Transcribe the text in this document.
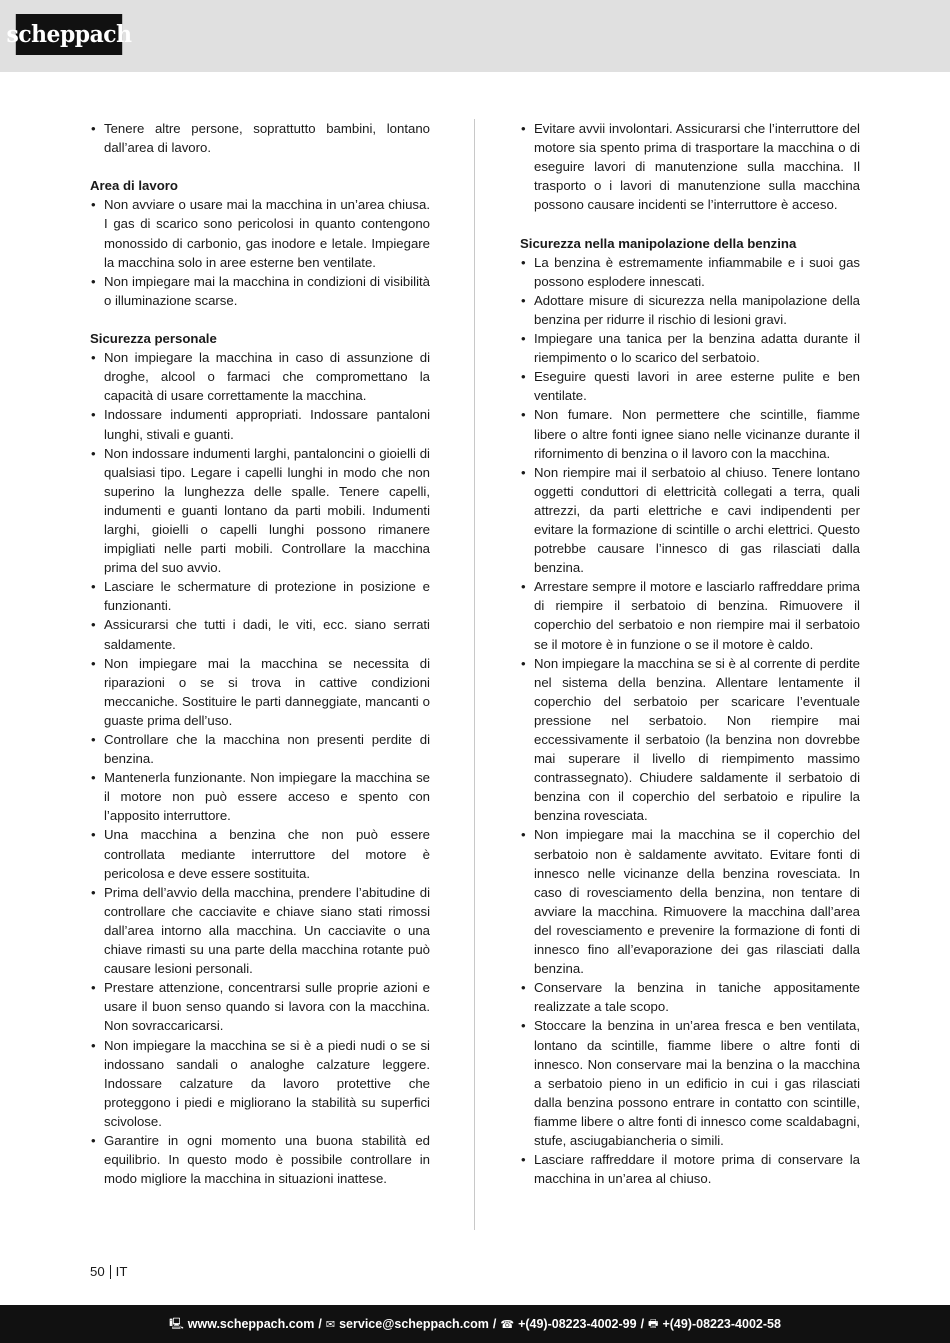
scheppach
• Tenere altre persone, soprattutto bambini, lontano dall’area di lavoro.
Area di lavoro
• Non avviare o usare mai la macchina in un’area chiusa. I gas di scarico sono pericolosi in quanto contengono monossido di carbonio, gas inodore e letale. Impiegare la macchina solo in aree esterne ben ventilate.
• Non impiegare mai la macchina in condizioni di visibilità o illuminazione scarse.
Sicurezza personale
• Non impiegare la macchina in caso di assunzione di droghe, alcool o farmaci che compromettano la capacità di usare correttamente la macchina.
• Indossare indumenti appropriati. Indossare pantaloni lunghi, stivali e guanti.
• Non indossare indumenti larghi, pantaloncini o gioielli di qualsiasi tipo. Legare i capelli lunghi in modo che non superino la lunghezza delle spalle. Tenere capelli, indumenti e guanti lontano da parti mobili. Indumenti larghi, gioielli o capelli lunghi possono rimanere impigliati nelle parti mobili. Controllare la macchina prima del suo avvio.
• Lasciare le schermature di protezione in posizione e funzionanti.
• Assicurarsi che tutti i dadi, le viti, ecc. siano serrati saldamente.
• Non impiegare mai la macchina se necessita di riparazioni o se si trova in cattive condizioni meccaniche. Sostituire le parti danneggiate, mancanti o guaste prima dell’uso.
• Controllare che la macchina non presenti perdite di benzina.
• Mantenerla funzionante. Non impiegare la macchina se il motore non può essere acceso e spento con l’apposito interruttore.
• Una macchina a benzina che non può essere controllata mediante interruttore del motore è pericolosa e deve essere sostituita.
• Prima dell’avvio della macchina, prendere l’abitudine di controllare che cacciavite e chiave siano stati rimossi dall’area intorno alla macchina. Un cacciavite o una chiave rimasti su una parte della macchina rotante può causare lesioni personali.
• Prestare attenzione, concentrarsi sulle proprie azioni e usare il buon senso quando si lavora con la macchina. Non sovraccaricarsi.
• Non impiegare la macchina se si è a piedi nudi o se si indossano sandali o analoghe calzature leggere. Indossare calzature da lavoro protettive che proteggono i piedi e migliorano la stabilità su superfici scivolose.
• Garantire in ogni momento una buona stabilità ed equilibrio. In questo modo è possibile controllare in modo migliore la macchina in situazioni inattese.
• Evitare avvii involontari. Assicurarsi che l’interruttore del motore sia spento prima di trasportare la macchina o di eseguire lavori di manutenzione sulla macchina. Il trasporto o i lavori di manutenzione sulla macchina possono causare incidenti se l’interruttore è acceso.
Sicurezza nella manipolazione della benzina
• La benzina è estremamente infiammabile e i suoi gas possono esplodere innescati.
• Adottare misure di sicurezza nella manipolazione della benzina per ridurre il rischio di lesioni gravi.
• Impiegare una tanica per la benzina adatta durante il riempimento o lo scarico del serbatoio.
• Eseguire questi lavori in aree esterne pulite e ben ventilate.
• Non fumare. Non permettere che scintille, fiamme libere o altre fonti ignee siano nelle vicinanze durante il rifornimento di benzina o il lavoro con la macchina.
• Non riempire mai il serbatoio al chiuso. Tenere lontano oggetti conduttori di elettricità collegati a terra, quali attrezzi, da parti elettriche e cavi indipendenti per evitare la formazione di scintille o archi elettrici. Questo potrebbe causare l’innesco di gas rilasciati dalla benzina.
• Arrestare sempre il motore e lasciarlo raffreddare prima di riempire il serbatoio di benzina. Rimuovere il coperchio del serbatoio e non riempire mai il serbatoio se il motore è in funzione o se il motore è caldo.
• Non impiegare la macchina se si è al corrente di perdite nel sistema della benzina. Allentare lentamente il coperchio del serbatoio per scaricare l’eventuale pressione nel serbatoio. Non riempire mai eccessivamente il serbatoio (la benzina non dovrebbe mai superare il livello di riempimento massimo contrassegnato). Chiudere saldamente il serbatoio di benzina con il coperchio del serbatoio e ripulire la benzina rovesciata.
• Non impiegare mai la macchina se il coperchio del serbatoio non è saldamente avvitato. Evitare fonti di innesco nelle vicinanze della benzina rovesciata. In caso di rovesciamento della benzina, non tentare di avviare la macchina. Rimuovere la macchina dall’area del rovesciamento e prevenire la formazione di fonti di innesco fino all’evaporazione dei gas rilasciati dalla benzina.
• Conservare la benzina in taniche appositamente realizzate a tale scopo.
• Stoccare la benzina in un’area fresca e ben ventilata, lontano da scintille, fiamme libere o altre fonti di innesco. Non conservare mai la benzina o la macchina a serbatoio pieno in un edificio in cui i gas rilasciati dalla benzina possono entrare in contatto con scintille, fiamme libere o altre fonti di innesco come scaldabagni, stufe, asciugabiancheria o simili.
• Lasciare raffreddare il motore prima di conservare la macchina in un’area al chiuso.
50 IT
🖳 www.scheppach.com / ✉ service@scheppach.com / ☎ +(49)-08223-4002-99 / 🖶 +(49)-08223-4002-58
